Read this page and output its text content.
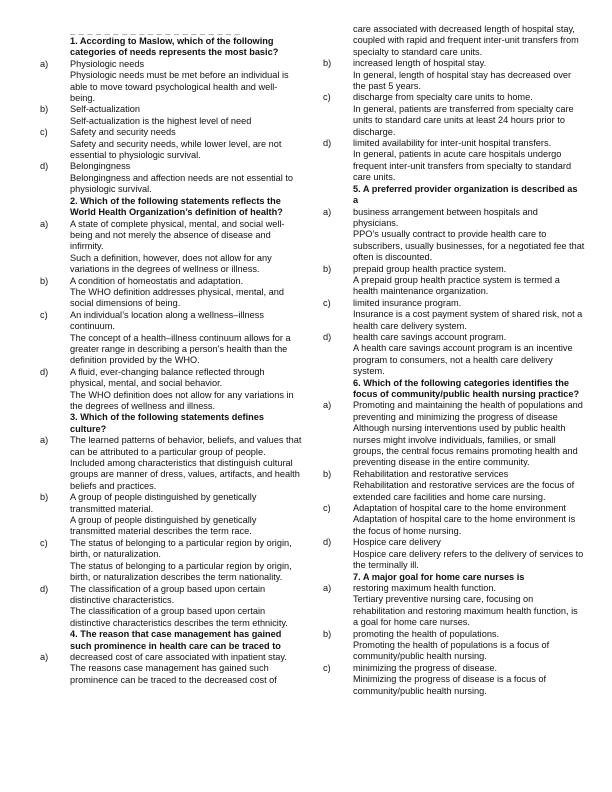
_ _ _ _ _ _ _ _ _ _ _ _ _ _ _ _ _ _ _ _
1. According to Maslow, which of the following categories of needs represents the most basic?
a)	Physiologic needs
Physiologic needs must be met before an individual is able to move toward psychological health and well-being.
b)	Self-actualization
Self-actualization is the highest level of need
c)	Safety and security needs
Safety and security needs, while lower level, are not essential to physiologic survival.
d)	Belongingness
Belongingness and affection needs are not essential to physiologic survival.
2. Which of the following statements reflects the World Health Organization’s definition of health?
a)	A state of complete physical, mental, and social well-being and not merely the absence of disease and infirmity.
Such a definition, however, does not allow for any variations in the degrees of wellness or illness.
b)	A condition of homeostatis and adaptation.
The WHO definition addresses physical, mental, and social dimensions of being.
c)	An individual’s location along a wellness–illness continuum.
The concept of a health–illness continuum allows for a greater range in describing a person's health than the definition provided by the WHO.
d)	A fluid, ever-changing balance reflected through physical, mental, and social behavior.
The WHO definition does not allow for any variations in the degrees of wellness and illness.
3. Which of the following statements defines culture?
a)	The learned patterns of behavior, beliefs, and values that can be attributed to a particular group of people.
Included among characteristics that distinguish cultural groups are manner of dress, values, artifacts, and health beliefs and practices.
b)	A group of people distinguished by genetically transmitted material.
A group of people distinguished by genetically transmitted material describes the term race.
c)	The status of belonging to a particular region by origin, birth, or naturalization.
The status of belonging to a particular region by origin, birth, or naturalization describes the term nationality.
d)	The classification of a group based upon certain distinctive characteristics.
The classification of a group based upon certain distinctive characteristics describes the term ethnicity.
4. The reason that case management has gained such prominence in health care can be traced to
a)	decreased cost of care associated with inpatient stay.
The reasons case management has gained such prominence can be traced to the decreased cost of
care associated with decreased length of hospital stay, coupled with rapid and frequent inter-unit transfers from specialty to standard care units.
b)	increased length of hospital stay.
In general, length of hospital stay has decreased over the past 5 years.
c)	discharge from specialty care units to home.
In general, patients are transferred from specialty care units to standard care units at least 24 hours prior to discharge.
d)	limited availability for inter-unit hospital transfers.
In general, patients in acute care hospitals undergo frequent inter-unit transfers from specialty to standard care units.
5. A preferred provider organization is described as a
a)	business arrangement between hospitals and physicians.
PPO’s usually contract to provide health care to subscribers, usually businesses, for a negotiated fee that often is discounted.
b)	prepaid group health practice system.
A prepaid group health practice system is termed a health maintenance organization.
c)	limited insurance program.
Insurance is a cost payment system of shared risk, not a health care delivery system.
d)	health care savings account program.
A health care savings account program is an incentive program to consumers, not a health care delivery system.
6. Which of the following categories identifies the focus of community/public health nursing practice?
a)	Promoting and maintaining the health of populations and preventing and minimizing the progress of disease
Although nursing interventions used by public health nurses might involve individuals, families, or small groups, the central focus remains promoting health and preventing disease in the entire community.
b)	Rehabilitation and restorative services
Rehabilitation and restorative services are the focus of extended care facilities and home care nursing.
c)	Adaptation of hospital care to the home environment
Adaptation of hospital care to the home environment is the focus of home nursing.
d)	Hospice care delivery
Hospice care delivery refers to the delivery of services to the terminally ill.
7. A major goal for home care nurses is
a)	restoring maximum health function.
Tertiary preventive nursing care, focusing on rehabilitation and restoring maximum health function, is a goal for home care nurses.
b)	promoting the health of populations.
Promoting the health of populations is a focus of community/public health nursing.
c)	minimizing the progress of disease.
Minimizing the progress of disease is a focus of community/public health nursing.
